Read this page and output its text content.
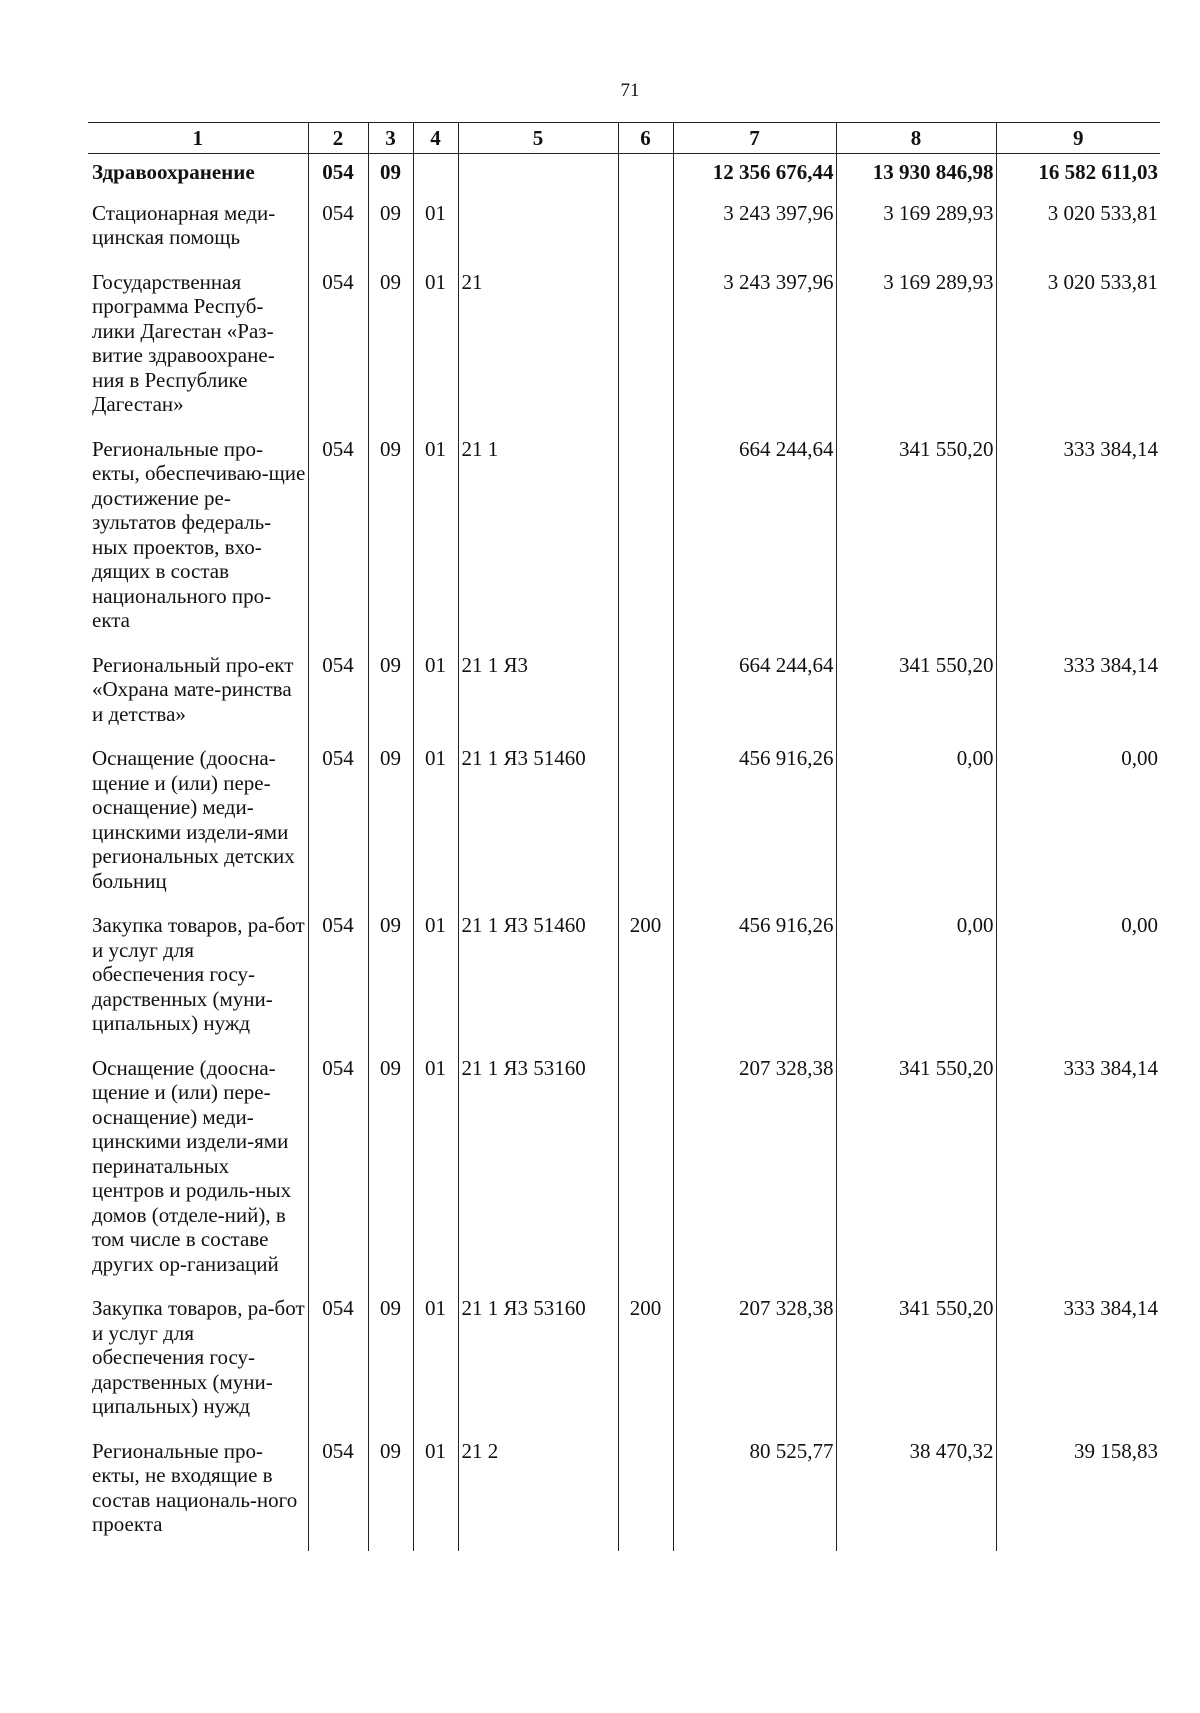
71
1	2	3	4	5	6	7	8	9
Здравоохранение	054	09				12 356 676,44	13 930 846,98	16 582 611,03
Стационарная меди-цинская помощь	054	09	01			3 243 397,96	3 169 289,93	3 020 533,81
Государственная программа Респуб-лики Дагестан «Раз-витие здравоохране-ния в Республике Дагестан»	054	09	01	21		3 243 397,96	3 169 289,93	3 020 533,81
Региональные про-екты, обеспечиваю-щие достижение ре-зультатов федераль-ных проектов, вхо-дящих в состав национального про-екта	054	09	01	21 1		664 244,64	341 550,20	333 384,14
Региональный про-ект «Охрана мате-ринства и детства»	054	09	01	21 1 Я3		664 244,64	341 550,20	333 384,14
Оснащение (доосна-щение и (или) пере-оснащение) меди-цинскими издели-ями региональных детских больниц	054	09	01	21 1 Я3 51460		456 916,26	0,00	0,00
Закупка товаров, ра-бот и услуг для обеспечения госу-дарственных (муни-ципальных) нужд	054	09	01	21 1 Я3 51460	200	456 916,26	0,00	0,00
Оснащение (доосна-щение и (или) пере-оснащение) меди-цинскими издели-ями перинатальных центров и родиль-ных домов (отделе-ний), в том числе в составе других ор-ганизаций	054	09	01	21 1 Я3 53160		207 328,38	341 550,20	333 384,14
Закупка товаров, ра-бот и услуг для обеспечения госу-дарственных (муни-ципальных) нужд	054	09	01	21 1 Я3 53160	200	207 328,38	341 550,20	333 384,14
Региональные про-екты, не входящие в состав националь-ного проекта	054	09	01	21 2		80 525,77	38 470,32	39 158,83
